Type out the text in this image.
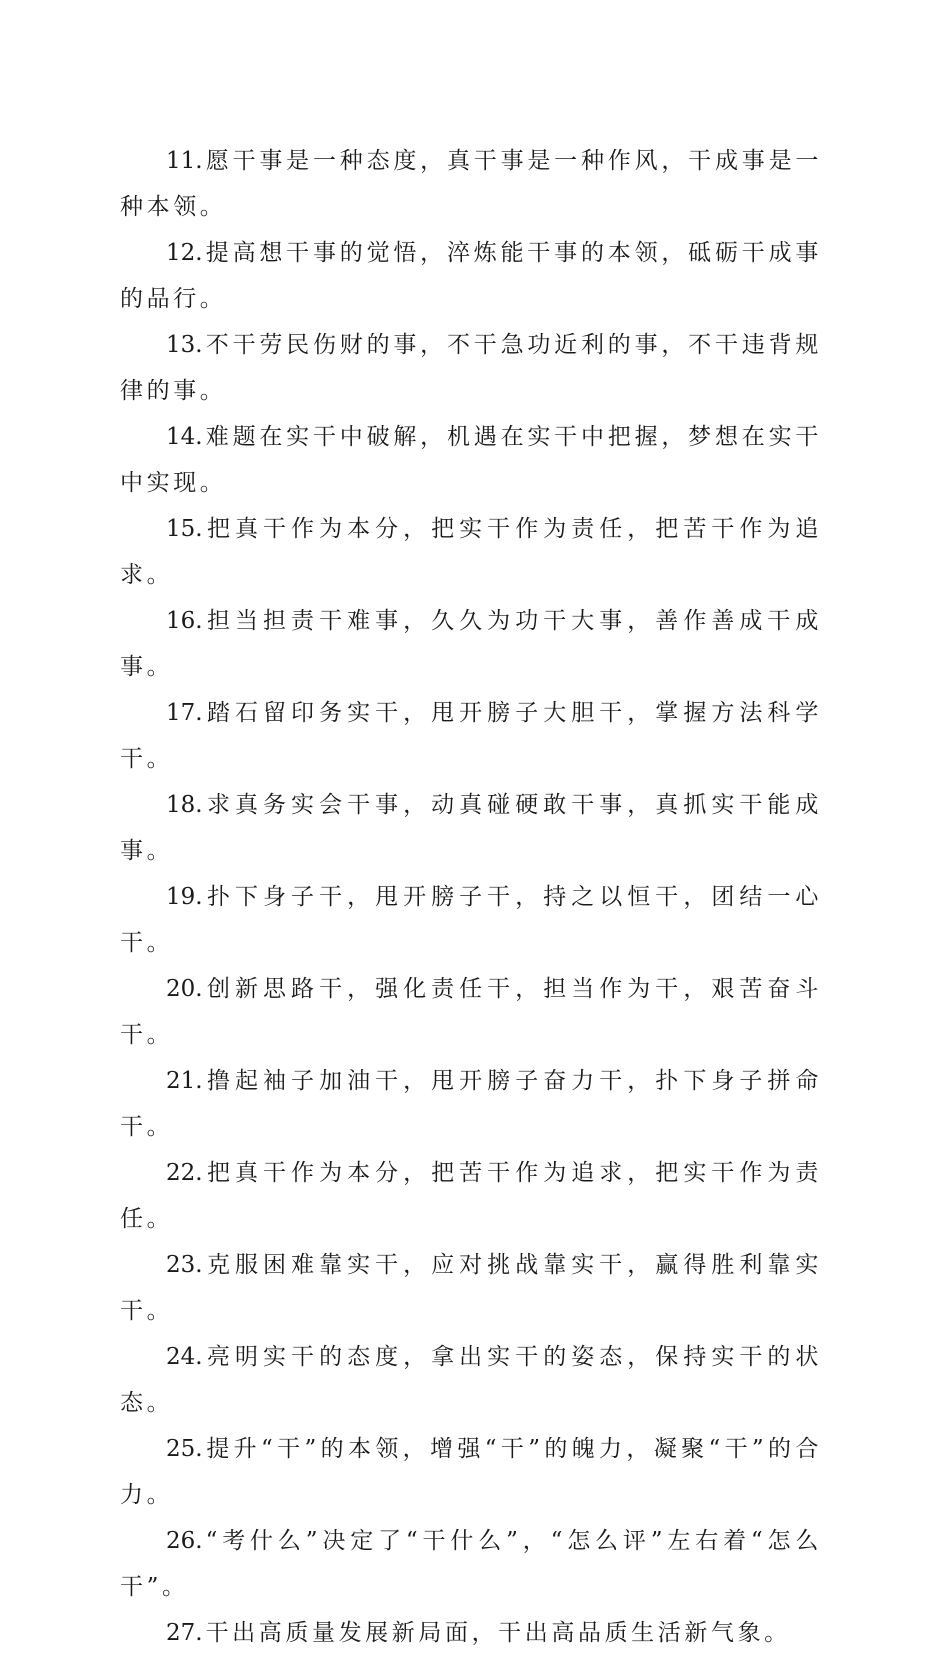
11. 愿干事是一种态度，真干事是一种作风，干成事是一种本领。

12. 提高想干事的觉悟，淬炼能干事的本领，砥砺干成事的品行。

13. 不干劳民伤财的事，不干急功近利的事，不干违背规律的事。

14. 难题在实干中破解，机遇在实干中把握，梦想在实干中实现。

15. 把真干作为本分，把实干作为责任，把苦干作为追求。

16. 担当担责干难事，久久为功干大事，善作善成干成事。

17. 踏石留印务实干，甩开膀子大胆干，掌握方法科学干。

18. 求真务实会干事，动真碰硬敢干事，真抓实干能成事。

19. 扑下身子干，甩开膀子干，持之以恒干，团结一心干。

20. 创新思路干，强化责任干，担当作为干，艰苦奋斗干。

21. 撸起袖子加油干，甩开膀子奋力干，扑下身子拼命干。

22. 把真干作为本分，把苦干作为追求，把实干作为责任。

23. 克服困难靠实干，应对挑战靠实干，赢得胜利靠实干。

24. 亮明实干的态度，拿出实干的姿态，保持实干的状态。

25. 提升“干”的本领，增强“干”的魄力，凝聚“干”的合力。

26. “考什么”决定了“干什么”，“怎么评”左右着“怎么干”。

27. 干出高质量发展新局面，干出高品质生活新气象。
